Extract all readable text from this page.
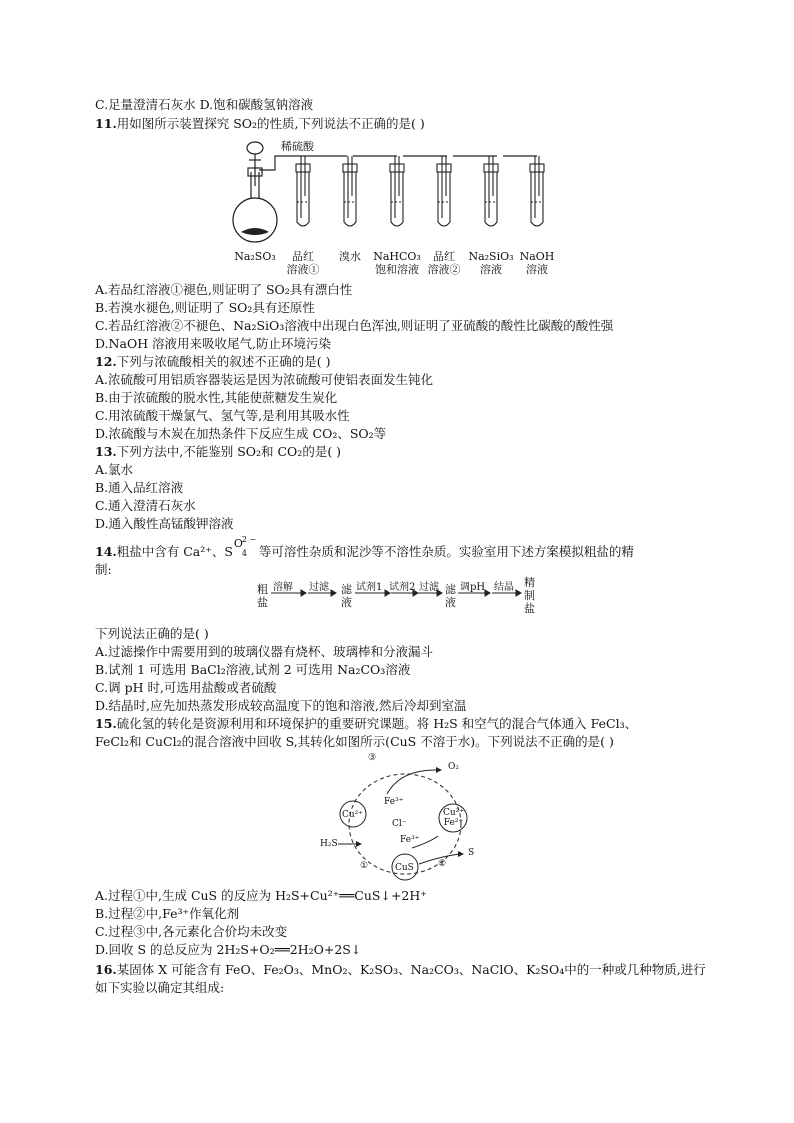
C.足量澄清石灰水 D.饱和碳酸氢钠溶液
11.用如图所示装置探究 SO₂的性质,下列说法不正确的是( )
稀硫酸
Na₂SO₃	品红
溶液①
溴水	NaHCO₃
饱和溶液
品红
溶液②
Na₂SiO₃
溶液
NaOH
溶液
A.若品红溶液①褪色,则证明了 SO₂具有漂白性
B.若溴水褪色,则证明了 SO₂具有还原性
C.若品红溶液②不褪色、Na₂SiO₃溶液中出现白色浑浊,则证明了亚硫酸的酸性比碳酸的酸性强
D.NaOH 溶液用来吸收尾气,防止环境污染
12.下列与浓硫酸相关的叙述不正确的是( )
A.浓硫酸可用铝质容器装运是因为浓硫酸可使铝表面发生钝化
B.由于浓硫酸的脱水性,其能使蔗糖发生炭化
C.用浓硫酸干燥氯气、氢气等,是利用其吸水性
D.浓硫酸与木炭在加热条件下反应生成 CO₂、SO₂等
13.下列方法中,不能鉴别 SO₂和 CO₂的是( )
A.氯水
B.通入品红溶液
C.通入澄清石灰水
D.通入酸性高锰酸钾溶液
14.粗盐中含有 Ca²⁺、S
O
2 −
4 等可溶性杂质和泥沙等不溶性杂质。实验室用下述方案模拟粗盐的精
制:
粗
盐
溶解 过滤 滤
液
试剂1 试剂2 过滤 滤
液
调pH 结晶 精
制
盐
下列说法正确的是( )
A.过滤操作中需要用到的玻璃仪器有烧杯、玻璃棒和分液漏斗
B.试剂 1 可选用 BaCl₂溶液,试剂 2 可选用 Na₂CO₃溶液
C.调 pH 时,可选用盐酸或者硫酸
D.结晶时,应先加热蒸发形成较高温度下的饱和溶液,然后冷却到室温
15.硫化氢的转化是资源利用和环境保护的重要研究课题。将 H₂S 和空气的混合气体通入 FeCl₃、
FeCl₂和 CuCl₂的混合溶液中回收 S,其转化如图所示(CuS 不溶于水)。下列说法不正确的是( )
③
O₂
Fe³⁺
Cu²⁺
Cl⁻
Cu²⁺
Fe²⁺
Fe³⁺
H₂S
S
①	②
CuS
A.过程①中,生成 CuS 的反应为 H₂S+Cu²⁺══CuS↓+2H⁺
B.过程②中,Fe³⁺作氧化剂
C.过程③中,各元素化合价均未改变
D.回收 S 的总反应为 2H₂S+O₂══2H₂O+2S↓
16.某固体 X 可能含有 FeO、Fe₂O₃、MnO₂、K₂SO₃、Na₂CO₃、NaClO、K₂SO₄中的一种或几种物质,进行
如下实验以确定其组成:
